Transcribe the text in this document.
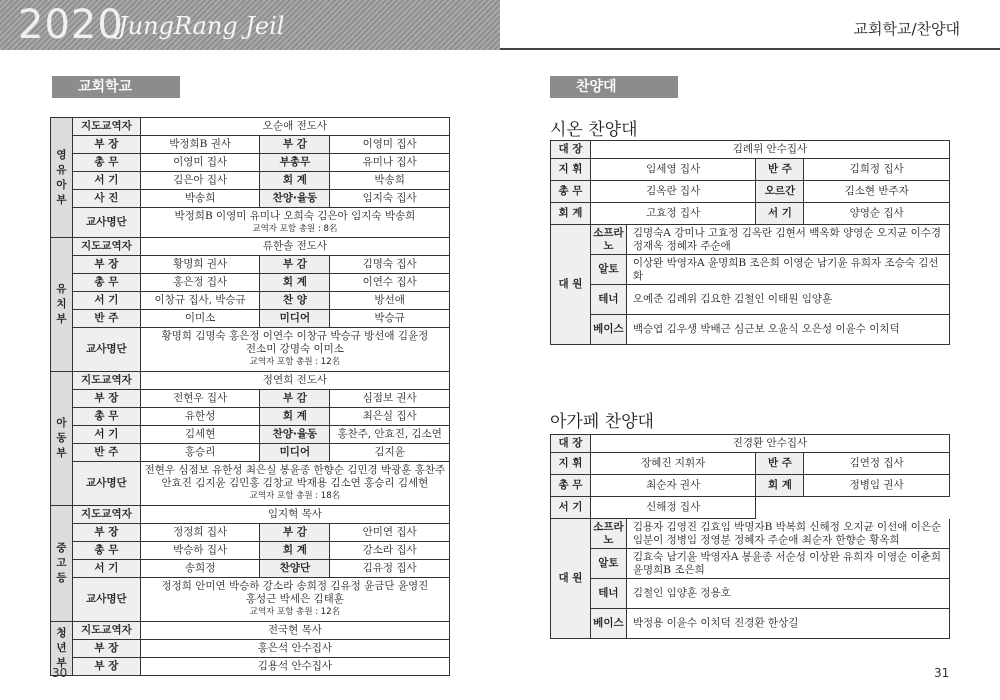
2020
JungRang Jeil	교회학교/찬양대
교회학교
영
유
아
부	지도교역자	오순애 전도사		
	부 장	박정희B 권사	부 감	이영미 집사
	총 무	이영미 집사	부총무	유미나 집사
	서 기	김은아 집사	회 계	박송희
	사 진	박송희	찬양·율동	임지숙 집사
	교사명단	박정희B 이영미 유미나 오희숙 김은아 임지숙 박송희
교역자 포함 총원 : 8名		

유
치
부	지도교역자	류한솔 전도사		
	부 장	황명희 권사	부 감	김명숙 집사
	총 무	홍은정 집사	회 계	이연수 집사
	서 기	이창규 집사, 박승규	찬 양	방선애
	반 주	이미소	미디어	박승규
	교사명단	황명희 김명숙 홍은정 이연수 이창규 박승규 방선애 김윤정
전소미 강명숙 이미소
교역자 포함 총원 : 12名		

아
동
부	지도교역자	정연희 전도사		
	부 장	전현우 집사	부 감	심점보 권사
	총 무	유한성	회 계	최은실 집사
	서 기	김세현	찬양·율동	홍찬주, 안효진, 김소연
	반 주	홍승리	미디어	김지윤
	교사명단	전현우 심점보 유한성 최은실 봉윤종 한향순 김민경 박광훈 홍찬주
안효진 김지윤 김민홍 김창교 박재용 김소연 홍승리 김세현
교역자 포함 총원 : 18名		

중
고
등	지도교역자	임지혁 목사		
	부 장	정정희 집사	부 감	안미연 집사
	총 무	박승하 집사	회 계	강소라 집사
	서 기	송희정	찬양단	김유정 집사
	교사명단	정정희 안미연 박승하 강소라 송희정 김유정 윤금단 윤영진
홍성근 박세은 김태훈
교역자 포함 총원 : 12名		

청
년
부	지도교역자	전국현 목사		
	부 장	홍은석 안수집사		
	부 장	김용석 안수집사		
30
찬양대
시온 찬양대
대 장	김례위 안수집사			
지 휘	임세영 집사		반 주	김희정 집사
총 무	김옥란 집사		오르간	김소현 반주자
회 계	고효정 집사		서 기	양영순 집사
대 원	소프라노	김명숙A 강미나 고효정 김옥란 김현서 백옥화 양영순 오지균 이수경 정재옥 정혜자 주순애		
	알토	이상완 박영자A 윤명희B 조은희 이영순 남기윤 유희자 조승숙 김선화		
	테너	오예준 김례위 김요한 김철인 이태원 임양훈		
	베이스	백승엽 김우생 박배근 심근보 오윤식 오은성 이윤수 이치덕		
아가페 찬양대
대 장	진경환 안수집사			
지 휘	장혜진 지휘자		반 주	김연정 집사
총 무	최순자 권사		회 계	정병임 권사
서 기	신해정 집사			
대 원	소프라노	김용자 김영진 김효임 박명자B 박복희 신해정 오지균 이선애 이은순 임분이 정병임 정영분 정혜자 주순애 최순자 한향순 황옥희		
	알토	김효숙 남기윤 박영자A 봉윤종 서순성 이상완 유희자 이영순 이춘희 윤명희B 조은희		
	테너	김철인 임양훈 정용호		
	베이스	박정용 이윤수 이치덕 진경환 한상길		
31
